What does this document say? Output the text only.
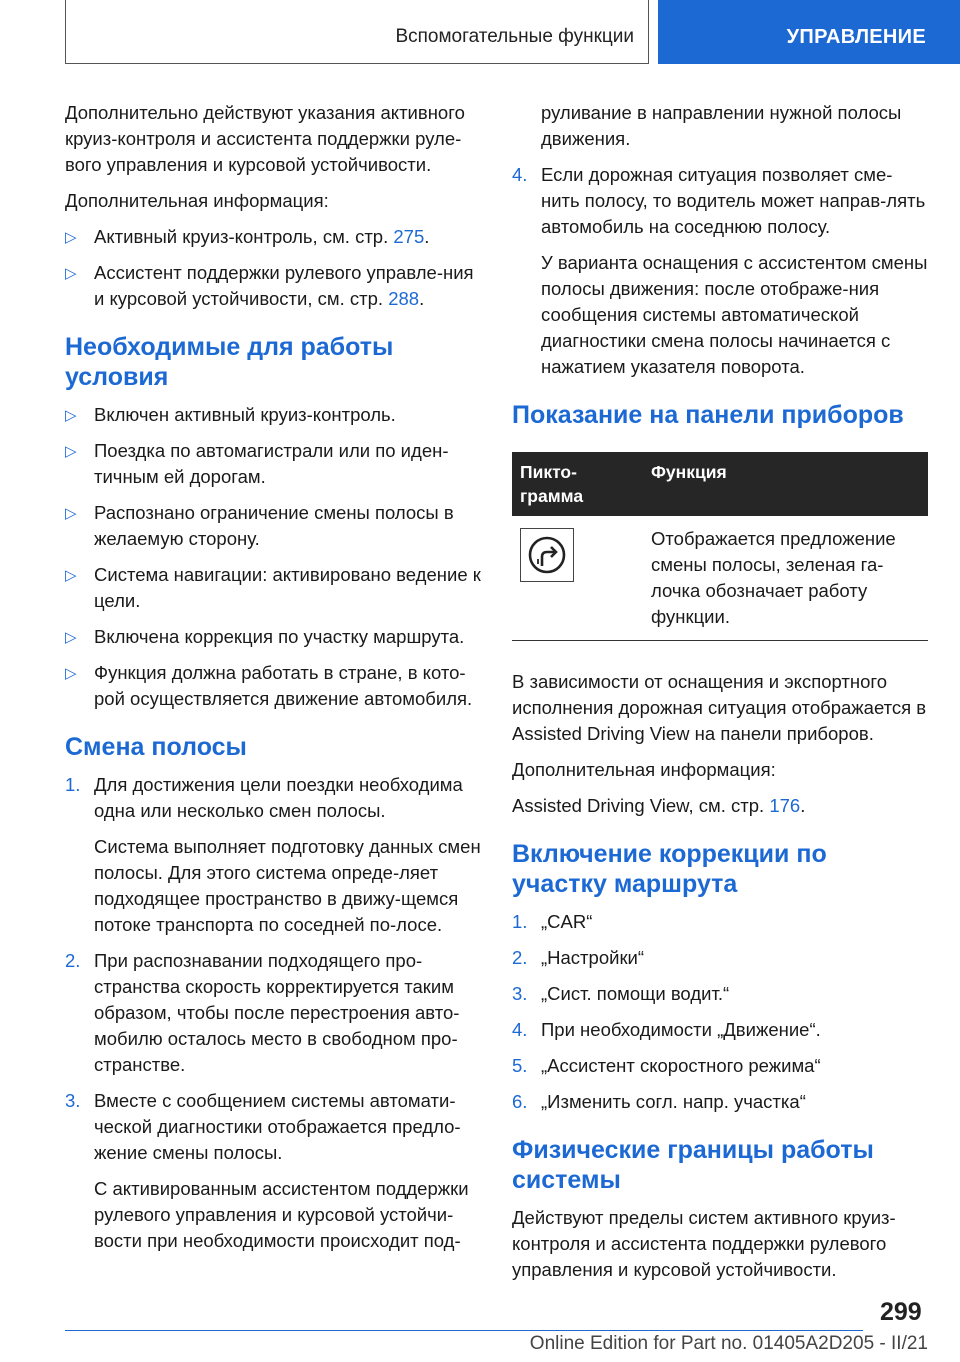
Вспомогательные функции	УПРАВЛЕНИЕ

Дополнительно действуют указания активного круиз-контроля и ассистента поддержки руле-вого управления и курсовой устойчивости.

Дополнительная информация:

▷ Активный круиз-контроль, см. стр. 275.
▷ Ассистент поддержки рулевого управле-ния и курсовой устойчивости, см. стр. 288.
Необходимые для работы условия
▷ Включен активный круиз-контроль.
▷ Поездка по автомагистрали или по иден-тичным ей дорогам.
▷ Распознано ограничение смены полосы в желаемую сторону.
▷ Система навигации: активировано ведение к цели.
▷ Включена коррекция по участку маршрута.
▷ Функция должна работать в стране, в кото-рой осуществляется движение автомобиля.
Смена полосы
1. Для достижения цели поездки необходима одна или несколько смен полосы.
Система выполняет подготовку данных смен полосы. Для этого система опреде-ляет подходящее пространство в движу-щемся потоке транспорта по соседней по-лосе.
2. При распознавании подходящего про-странства скорость корректируется таким образом, чтобы после перестроения авто-мобилю осталось место в свободном про-странстве.
3. Вместе с сообщением системы автомати-ческой диагностики отображается предло-жение смены полосы.
С активированным ассистентом поддержки рулевого управления и курсовой устойчи-вости при необходимости происходит под-

руливание в направлении нужной полосы движения.

4. Если дорожная ситуация позволяет сме-нить полосу, то водитель может направ-лять автомобиль на соседнюю полосу.
У варианта оснащения с ассистентом смены полосы движения: после отображе-ния сообщения системы автоматической диагностики смена полосы начинается с нажатием указателя поворота.
Показание на панели приборов
Пикто-грамма	Функция

	Отображается предложение смены полосы, зеленая га-лочка обозначает работу функции.

В зависимости от оснащения и экспортного исполнения дорожная ситуация отображается в Assisted Driving View на панели приборов.

Дополнительная информация:

Assisted Driving View, см. стр. 176.

Включение коррекции по участку маршрута
1. „CAR“
2. „Настройки“
3. „Сист. помощи водит.“
4. При необходимости „Движение“.
5. „Ассистент скоростного режима“
6. „Изменить согл. напр. участка“
Физические границы работы системы

Действуют пределы систем активного круиз-контроля и ассистента поддержки рулевого управления и курсовой устойчивости.

299
Online Edition for Part no. 01405A2D205 - II/21
